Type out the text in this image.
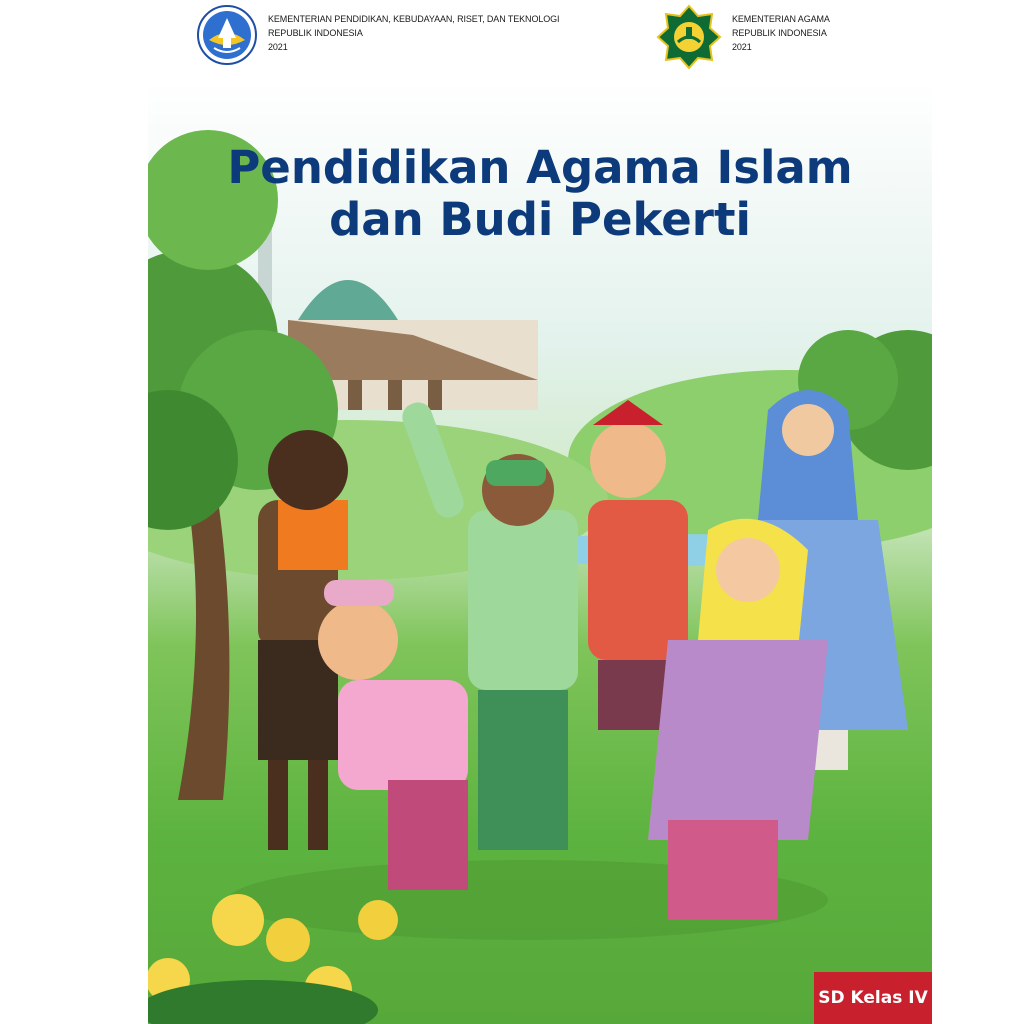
KEMENTERIAN PENDIDIKAN, KEBUDAYAAN, RISET, DAN TEKNOLOGI
REPUBLIK INDONESIA
2021
KEMENTERIAN AGAMA
REPUBLIK INDONESIA
2021
Pendidikan Agama Islam
dan Budi Pekerti
SD Kelas IV
